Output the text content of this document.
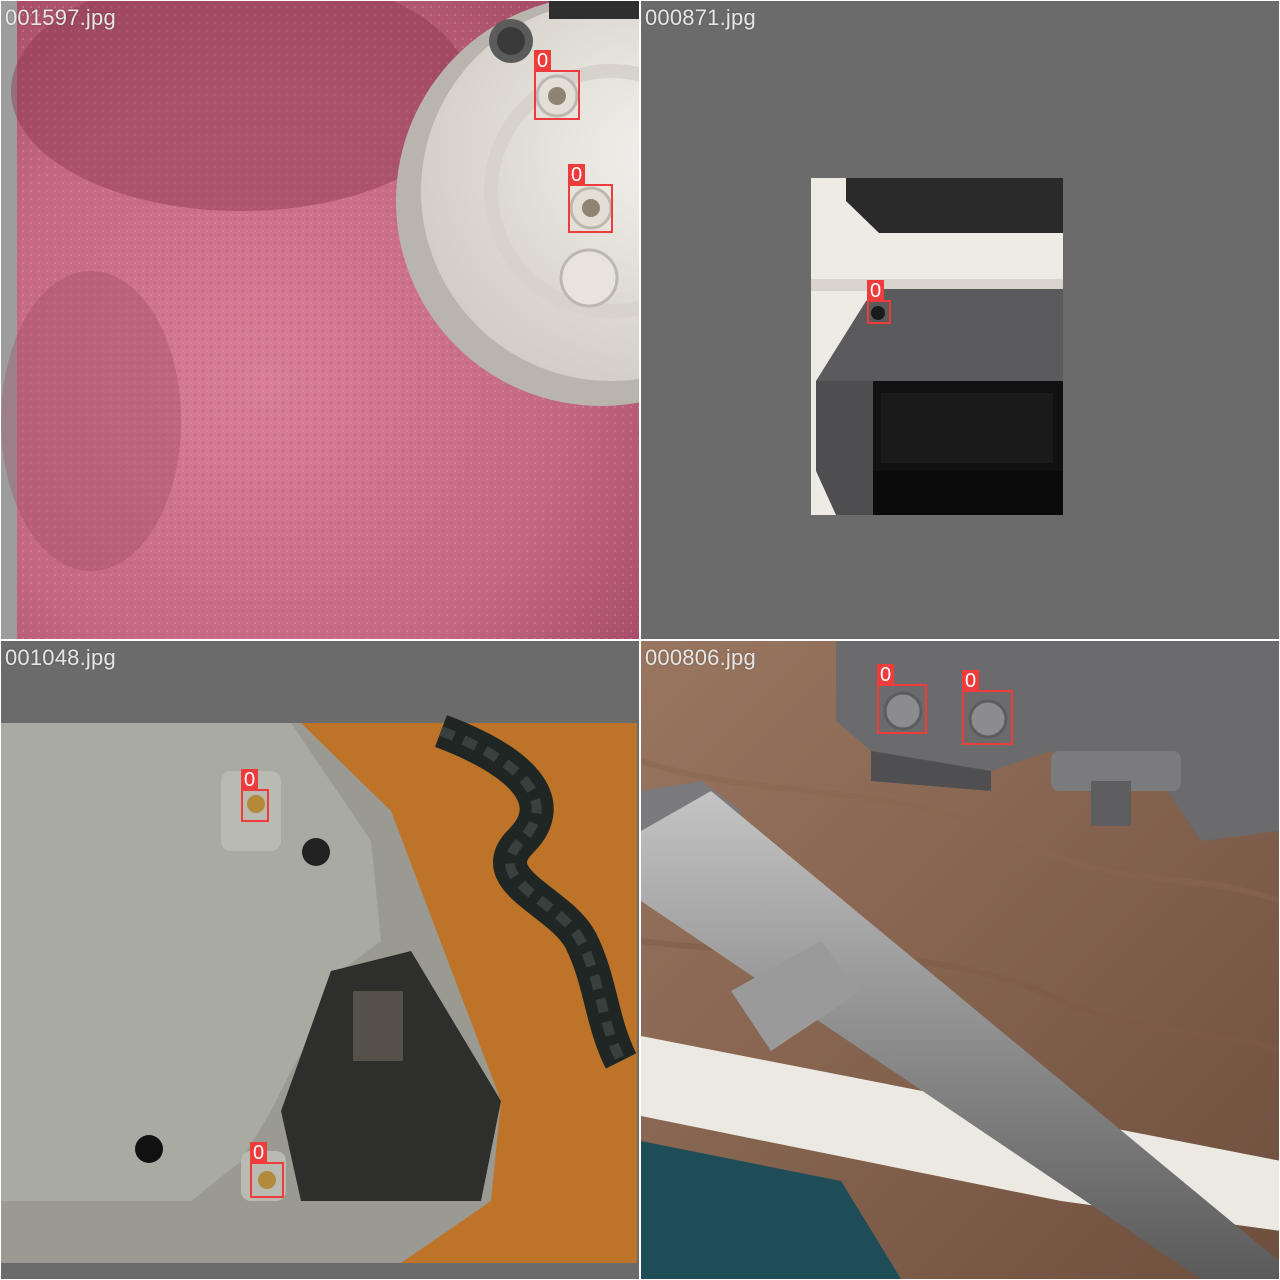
001597.jpg
0
0
000871.jpg
0
001048.jpg
0
0
000806.jpg
0	0
